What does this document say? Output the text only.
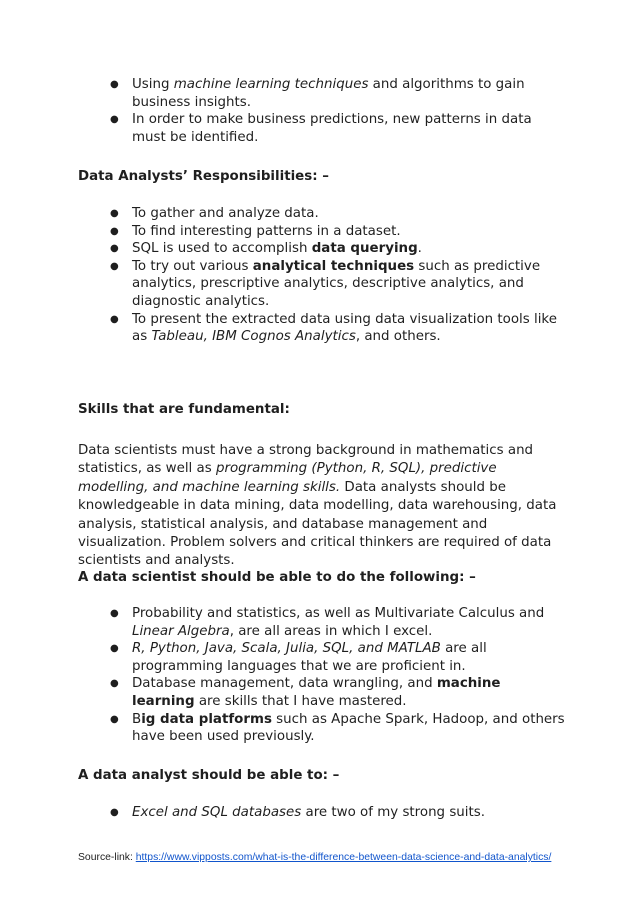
● Using machine learning techniques and algorithms to gain business insights.
● In order to make business predictions, new patterns in data must be identified.
Data Analysts’ Responsibilities: –
● To gather and analyze data.
● To find interesting patterns in a dataset.
● SQL is used to accomplish data querying.
● To try out various analytical techniques such as predictive analytics, prescriptive analytics, descriptive analytics, and diagnostic analytics.
● To present the extracted data using data visualization tools like as Tableau, IBM Cognos Analytics, and others.
Skills that are fundamental:
Data scientists must have a strong background in mathematics and statistics, as well as programming (Python, R, SQL), predictive modelling, and machine learning skills. Data analysts should be knowledgeable in data mining, data modelling, data warehousing, data analysis, statistical analysis, and database management and visualization. Problem solvers and critical thinkers are required of data scientists and analysts.
A data scientist should be able to do the following: –
● Probability and statistics, as well as Multivariate Calculus and Linear Algebra, are all areas in which I excel.
● R, Python, Java, Scala, Julia, SQL, and MATLAB are all programming languages that we are proficient in.
● Database management, data wrangling, and machine learning are skills that I have mastered.
● Big data platforms such as Apache Spark, Hadoop, and others have been used previously.
A data analyst should be able to: –
● Excel and SQL databases are two of my strong suits.
Source-link: https://www.vipposts.com/what-is-the-difference-between-data-science-and-data-analytics/
